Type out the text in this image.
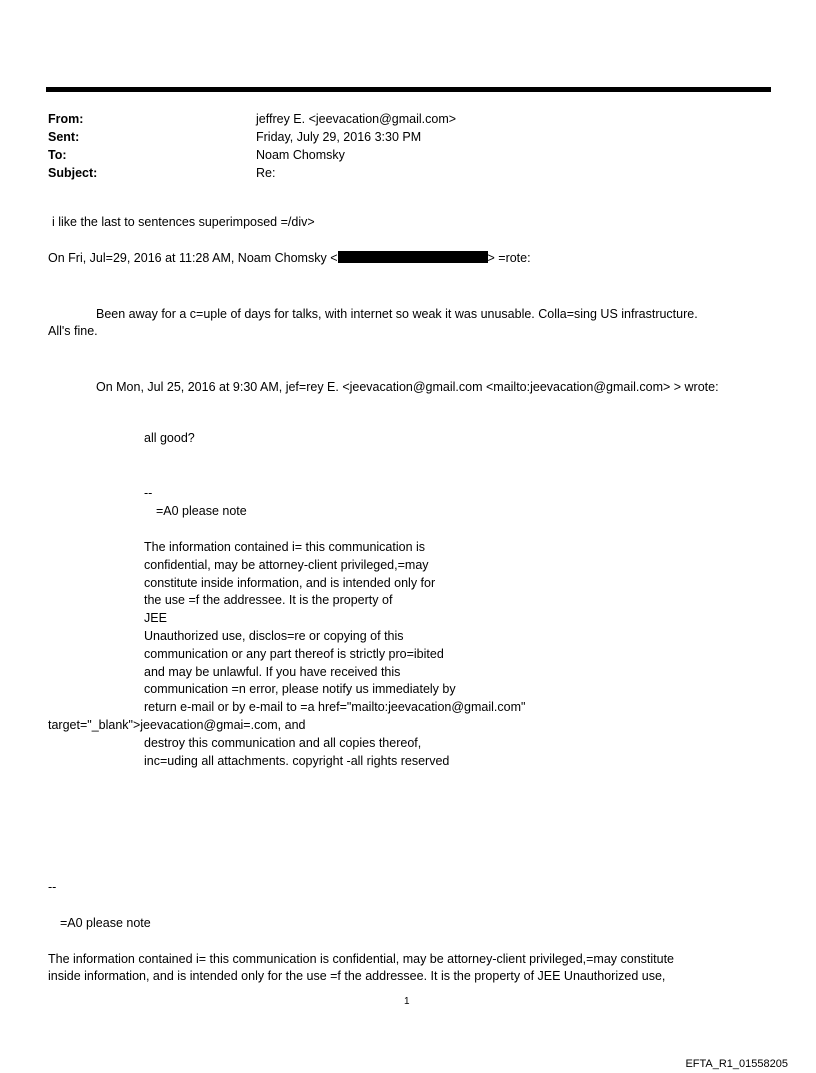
From:	jeffrey E. <jeevacation@gmail.com>
Sent:	Friday, July 29, 2016 3:30 PM
To:	Noam Chomsky
Subject:	Re:
i like the last to sentences superimposed =/div>
On Fri, Jul=29, 2016 at 11:28 AM, Noam Chomsky <	> =rote:
Been away for a c=uple of days for talks, with internet so weak it was unusable. Colla=sing US infrastructure.
All's fine.
On Mon, Jul 25, 2016 at 9:30 AM, jef=rey E. <jeevacation@gmail.com <mailto:jeevacation@gmail.com> > wrote:
all good?
--
=A0 please note
The information contained i= this communication is
confidential, may be attorney-client privileged,=may
constitute inside information, and is intended only for
the use =f the addressee. It is the property of
JEE
Unauthorized use, disclos=re or copying of this
communication or any part thereof is strictly pro=ibited
and may be unlawful. If you have received this
communication =n error, please notify us immediately by
return e-mail or by e-mail to =a href="mailto:jeevacation@gmail.com"
target="_blank">jeevacation@gmai=.com, and
destroy this communication and all copies thereof,
inc=uding all attachments. copyright -all rights reserved
--
=A0 please note
The information contained i= this communication is confidential, may be attorney-client privileged,=may constitute
inside information, and is intended only for the use =f the addressee. It is the property of JEE Unauthorized use,
1
EFTA_R1_01558205
